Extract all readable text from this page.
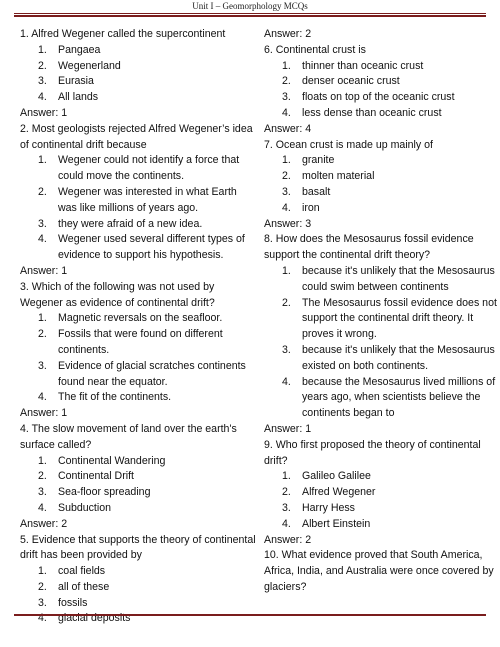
Unit I – Geomorphology MCQs

1. Alfred Wegener called the supercontinent

1. Pangaea
2. Wegenerland
3. Eurasia
4. All lands

Answer: 1

2. Most geologists rejected Alfred Wegener’s idea of continental drift because

1. Wegener could not identify a force that could move the continents.
2. Wegener was interested in what Earth was like millions of years ago.
3. they were afraid of a new idea.
4. Wegener used several different types of evidence to support his hypothesis.

Answer: 1

3. Which of the following was not used by Wegener as evidence of continental drift?

1. Magnetic reversals on the seafloor.
2. Fossils that were found on different continents.
3. Evidence of glacial scratches continents found near the equator.
4. The fit of the continents.

Answer: 1

4. The slow movement of land over the earth's surface called?

1. Continental Wandering
2. Continental Drift
3. Sea-floor spreading
4. Subduction

Answer: 2

5. Evidence that supports the theory of continental drift has been provided by

1. coal fields
2. all of these
3. fossils
4. glacial deposits

Answer: 2

6. Continental crust is

1. thinner than oceanic crust
2. denser oceanic crust
3. floats on top of the oceanic crust
4. less dense than oceanic crust

Answer: 4

7. Ocean crust is made up mainly of

1. granite
2. molten material
3. basalt
4. iron

Answer: 3

8. How does the Mesosaurus fossil evidence support the continental drift theory?

1. because it's unlikely that the Mesosaurus could swim between continents
2. The Mesosaurus fossil evidence does not support the continental drift theory. It proves it wrong.
3. because it's unlikely that the Mesosaurus existed on both continents.
4. because the Mesosaurus lived millions of years ago, when scientists believe the continents began to

Answer: 1

9. Who first proposed the theory of continental drift?

1. Galileo Galilee
2. Alfred Wegener
3. Harry Hess
4. Albert Einstein

Answer: 2

10. What evidence proved that South America, Africa, India, and Australia were once covered by glaciers?
